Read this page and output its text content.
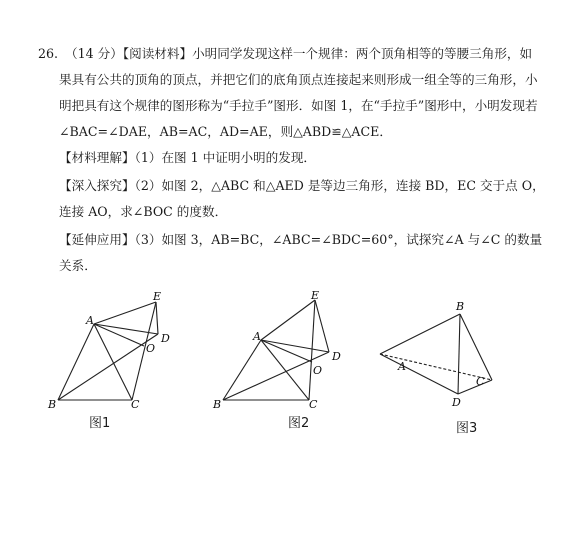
26. （14 分）【阅读材料】小明同学发现这样一个规律：两个顶角相等的等腰三角形，如
果具有公共的顶角的顶点，并把它们的底角顶点连接起来则形成一组全等的三角形，小
明把具有这个规律的图形称为“手拉手”图形．如图 1，在“手拉手”图形中，小明发现若
∠BAC=∠DAE，AB=AC，AD=AE，则△ABD≌△ACE．
【材料理解】（1）在图 1 中证明小明的发现．
【深入探究】（2）如图 2，△ABC 和△AED 是等边三角形，连接 BD，EC 交于点 O，
连接 AO，求∠BOC 的度数．
【延伸应用】（3）如图 3，AB=BC，∠ABC=∠BDC=60°，试探究∠A 与∠C 的数量
关系．
A
B	C
D
E
O
图1
A
B	C
D
E
O
图2
A
B
C
D
图3
